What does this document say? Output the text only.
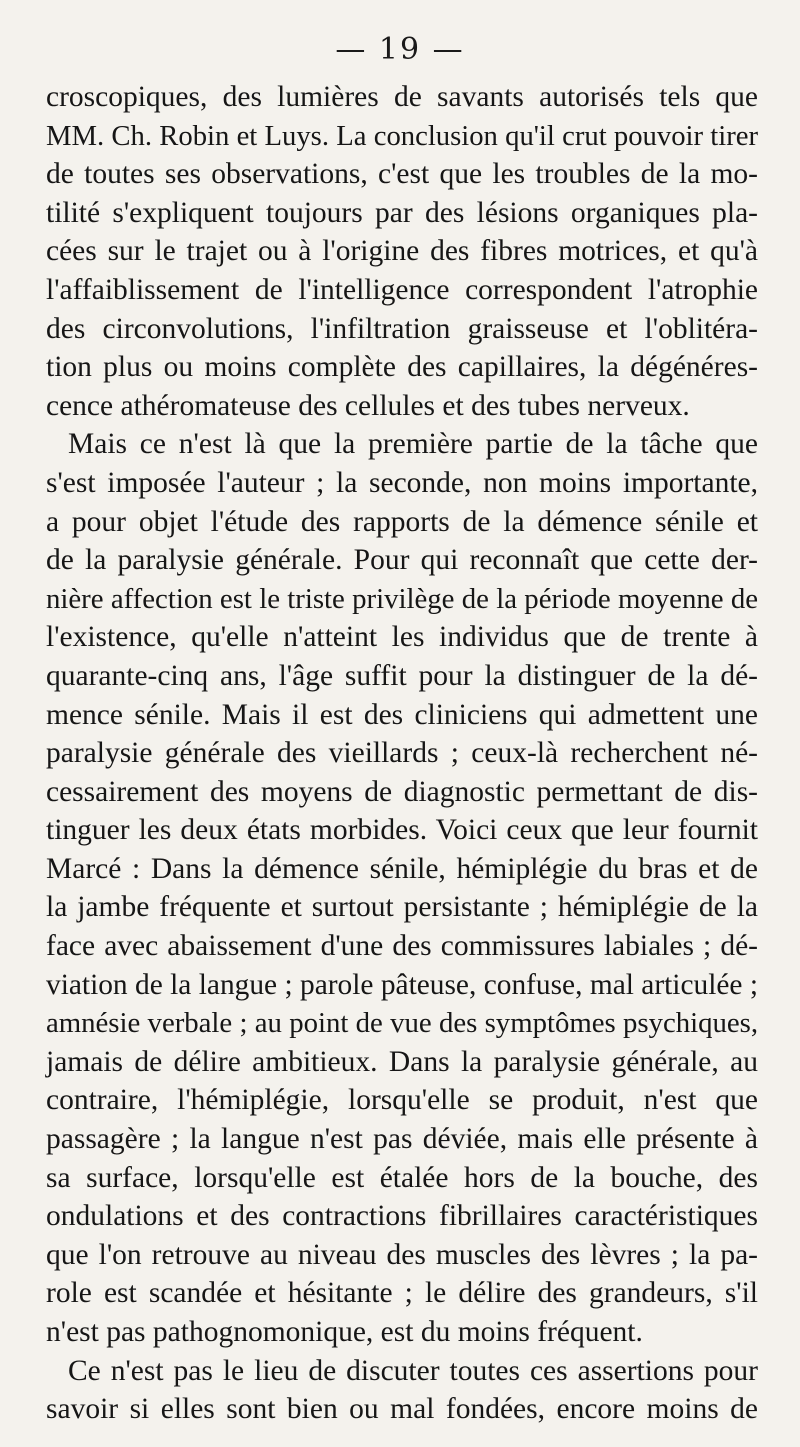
— 19 —
croscopiques, des lumières de savants autorisés tels que
MM. Ch. Robin et Luys. La conclusion qu'il crut pouvoir tirer
de toutes ses observations, c'est que les troubles de la mo-
tilité s'expliquent toujours par des lésions organiques pla-
cées sur le trajet ou à l'origine des fibres motrices, et qu'à
l'affaiblissement de l'intelligence correspondent l'atrophie
des circonvolutions, l'infiltration graisseuse et l'oblitéra-
tion plus ou moins complète des capillaires, la dégénéres-
cence athéromateuse des cellules et des tubes nerveux.
Mais ce n'est là que la première partie de la tâche que
s'est imposée l'auteur ; la seconde, non moins importante,
a pour objet l'étude des rapports de la démence sénile et
de la paralysie générale. Pour qui reconnaît que cette der-
nière affection est le triste privilège de la période moyenne de
l'existence, qu'elle n'atteint les individus que de trente à
quarante-cinq ans, l'âge suffit pour la distinguer de la dé-
mence sénile. Mais il est des cliniciens qui admettent une
paralysie générale des vieillards ; ceux-là recherchent né-
cessairement des moyens de diagnostic permettant de dis-
tinguer les deux états morbides. Voici ceux que leur fournit
Marcé : Dans la démence sénile, hémiplégie du bras et de
la jambe fréquente et surtout persistante ; hémiplégie de la
face avec abaissement d'une des commissures labiales ; dé-
viation de la langue ; parole pâteuse, confuse, mal articulée ;
amnésie verbale ; au point de vue des symptômes psychiques,
jamais de délire ambitieux. Dans la paralysie générale, au
contraire, l'hémiplégie, lorsqu'elle se produit, n'est que
passagère ; la langue n'est pas déviée, mais elle présente à
sa surface, lorsqu'elle est étalée hors de la bouche, des
ondulations et des contractions fibrillaires caractéristiques
que l'on retrouve au niveau des muscles des lèvres ; la pa-
role est scandée et hésitante ; le délire des grandeurs, s'il
n'est pas pathognomonique, est du moins fréquent.
Ce n'est pas le lieu de discuter toutes ces assertions pour
savoir si elles sont bien ou mal fondées, encore moins de
